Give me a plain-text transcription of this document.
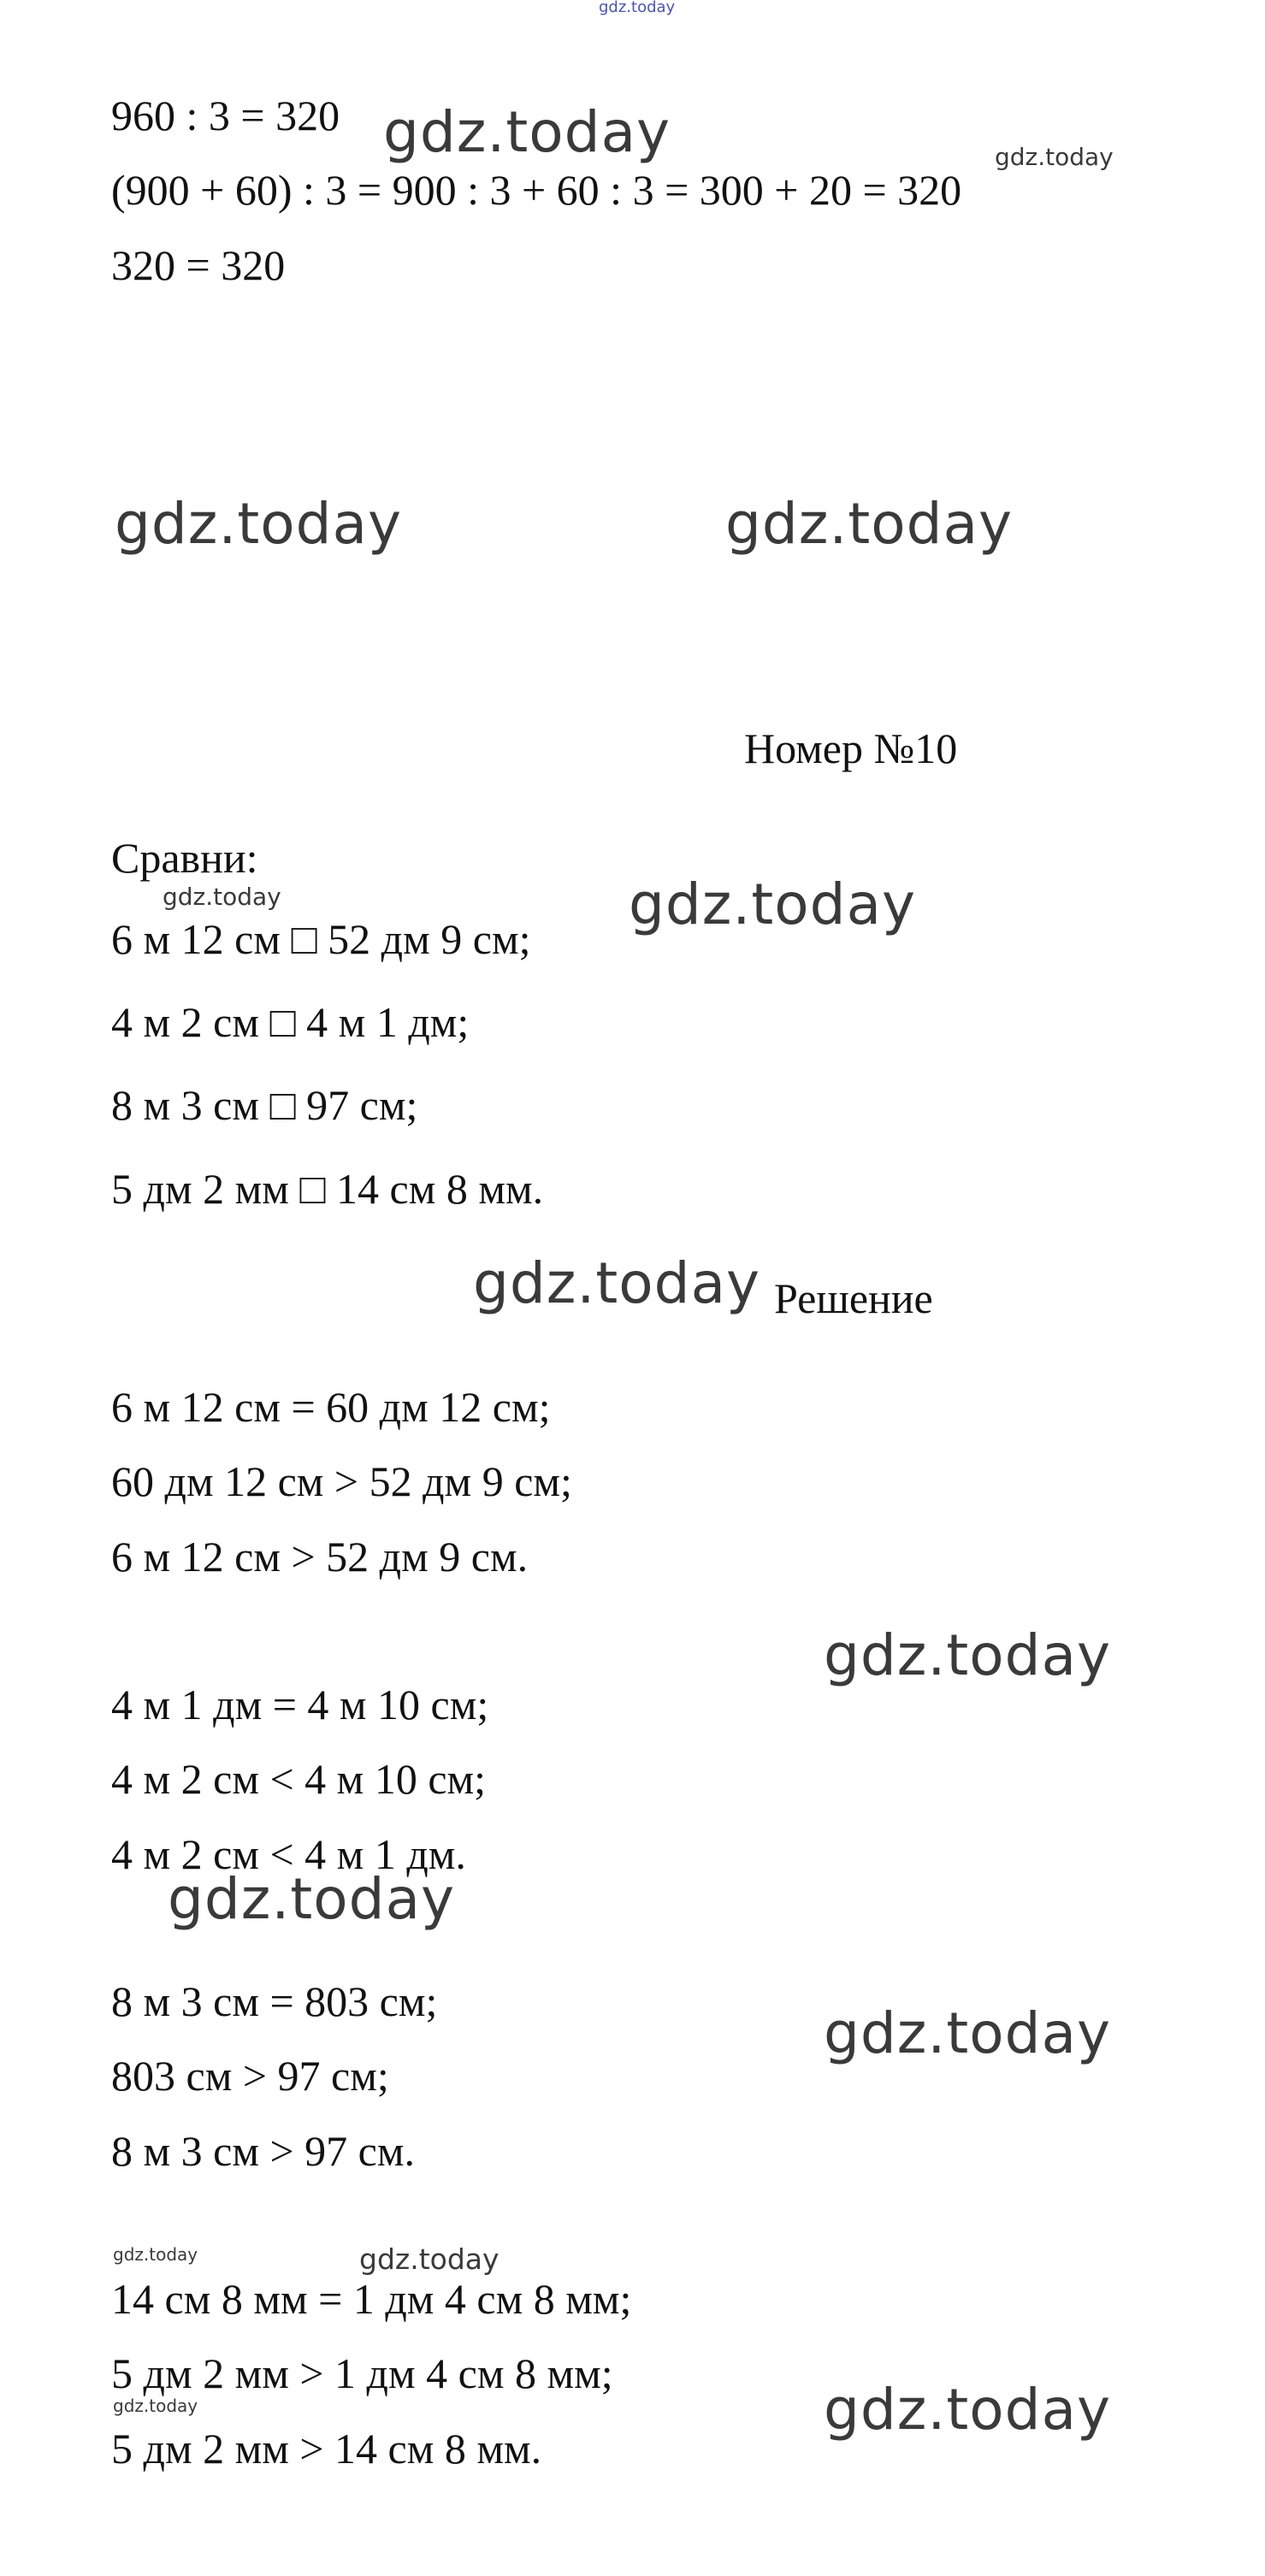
gdz.today
960 : 3 = 320
(900 + 60) : 3 = 900 : 3 + 60 : 3 = 300 + 20 = 320
320 = 320
gdz.today	gdz.today
gdz.today	gdz.today
Номер №10
Сравни:
gdz.today	gdz.today
6 м 12 см □ 52 дм 9 см;
4 м 2 см □ 4 м 1 дм;
8 м 3 см □ 97 см;
5 дм 2 мм □ 14 см 8 мм.
gdz.today Решение
6 м 12 см = 60 дм 12 см;
60 дм 12 см > 52 дм 9 см;
6 м 12 см > 52 дм 9 см.
gdz.today
4 м 1 дм = 4 м 10 см;
4 м 2 см < 4 м 10 см;
4 м 2 см < 4 м 1 дм.
gdz.today
8 м 3 см = 803 см;
803 см > 97 см;
8 м 3 см > 97 см.
gdz.today
gdz.today	gdz.today
14 см 8 мм = 1 дм 4 см 8 мм;
5 дм 2 мм > 1 дм 4 см 8 мм;
gdz.today
5 дм 2 мм > 14 см 8 мм.
gdz.today
